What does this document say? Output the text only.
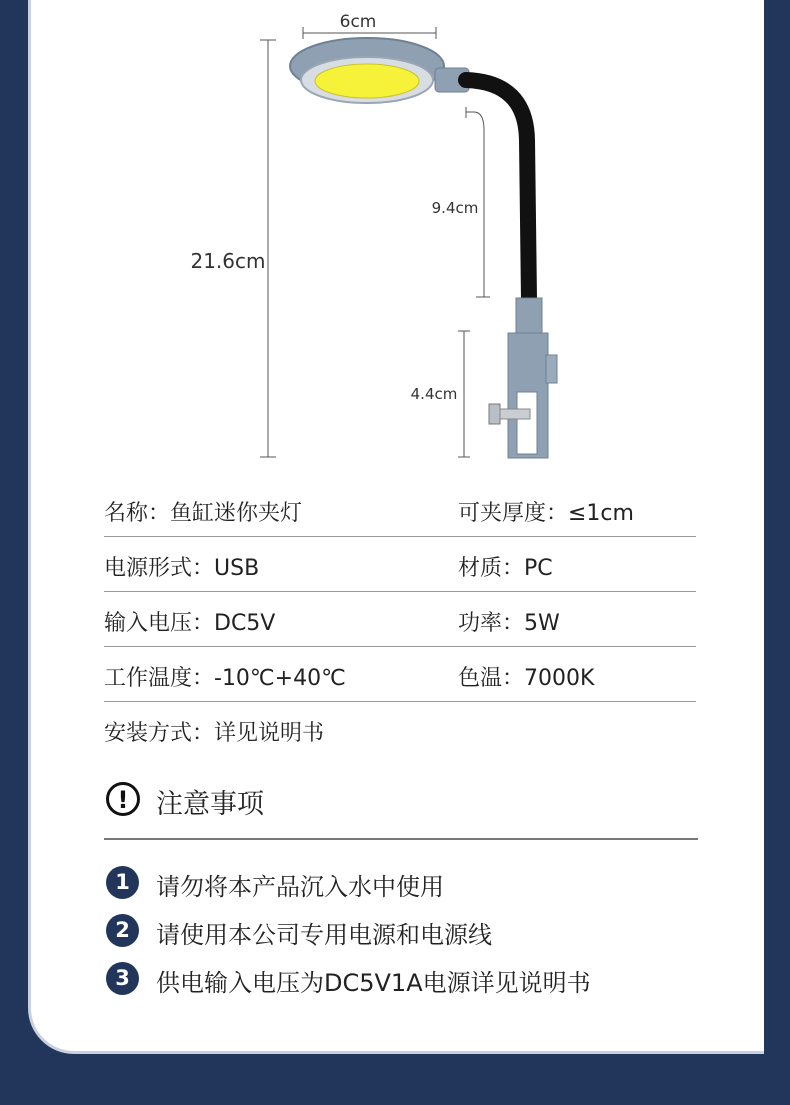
6cm
21.6cm
9.4cm
4.4cm
名称：鱼缸迷你夹灯	可夹厚度：≤1cm
电源形式：USB	材质：PC
输入电压：DC5V	功率：5W
工作温度：-10℃+40℃	色温：7000K
安装方式：详见说明书
!	注意事项
1	请勿将本产品沉入水中使用
2	请使用本公司专用电源和电源线
3	供电输入电压为DC5V1A电源详见说明书
